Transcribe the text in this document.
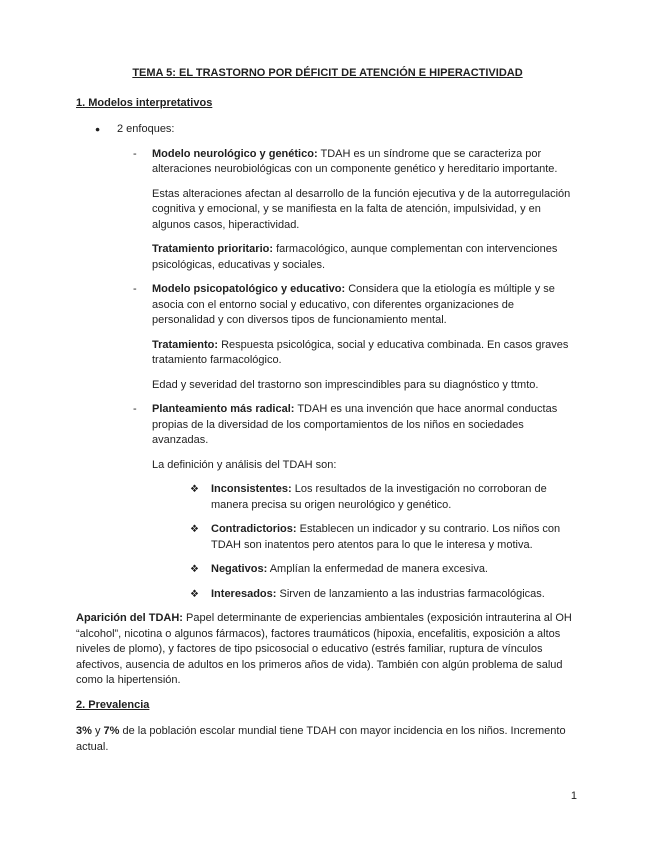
TEMA 5: EL TRASTORNO POR DÉFICIT DE ATENCIÓN E HIPERACTIVIDAD
1. Modelos interpretativos
●	2 enfoques:

-	Modelo neurológico y genético: TDAH es un síndrome que se caracteriza por alteraciones neurobiológicas con un componente genético y hereditario importante.

Estas alteraciones afectan al desarrollo de la función ejecutiva y de la autorregulación cognitiva y emocional, y se manifiesta en la falta de atención, impulsividad, y en algunos casos, hiperactividad.

Tratamiento prioritario: farmacológico, aunque complementan con intervenciones psicológicas, educativas y sociales.

-	Modelo psicopatológico y educativo: Considera que la etiología es múltiple y se asocia con el entorno social y educativo, con diferentes organizaciones de personalidad y con diversos tipos de funcionamiento mental.

Tratamiento: Respuesta psicológica, social y educativa combinada. En casos graves tratamiento farmacológico.

Edad y severidad del trastorno son imprescindibles para su diagnóstico y ttmto.

-	Planteamiento más radical: TDAH es una invención que hace anormal conductas propias de la diversidad de los comportamientos de los niños en sociedades avanzadas.

La definición y análisis del TDAH son:

❖	Inconsistentes: Los resultados de la investigación no corroboran de manera precisa su origen neurológico y genético.

❖	Contradictorios: Establecen un indicador y su contrario. Los niños con TDAH son inatentos pero atentos para lo que le interesa y motiva.

❖	Negativos: Amplían la enfermedad de manera excesiva.

❖	Interesados: Sirven de lanzamiento a las industrias farmacológicas.

Aparición del TDAH: Papel determinante de experiencias ambientales (exposición intrauterina al OH “alcohol”, nicotina o algunos fármacos), factores traumáticos (hipoxia, encefalitis, exposición a altos niveles de plomo), y factores de tipo psicosocial o educativo (estrés familiar, ruptura de vínculos afectivos, ausencia de adultos en los primeros años de vida). También con algún problema de salud como la hipertensión.

2. Prevalencia

3% y 7% de la población escolar mundial tiene TDAH con mayor incidencia en los niños. Incremento actual.

1
